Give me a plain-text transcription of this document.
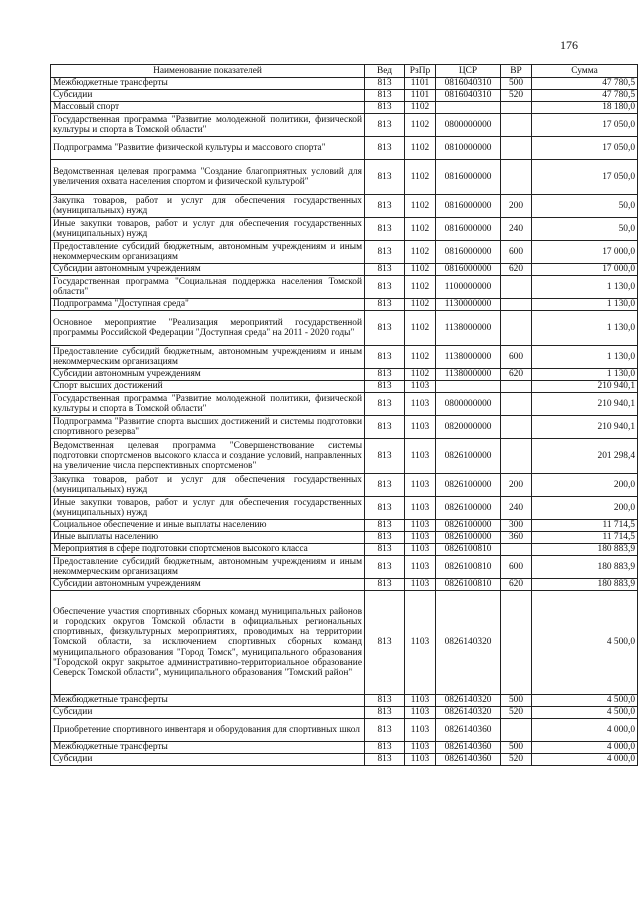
176
Наименование показателей	Вед	РзПр	ЦСР	ВР	Сумма
Межбюджетные трансферты	813	1101	0816040310	500	47 780,5
Субсидии	813	1101	0816040310	520	47 780,5
Массовый спорт	813	1102			18 180,0
Государственная программа "Развитие молодежной политики, физической культуры и спорта в Томской области"	813	1102	0800000000		17 050,0
Подпрограмма "Развитие физической культуры и массового спорта"	813	1102	0810000000		17 050,0
Ведомственная целевая программа "Создание благоприятных условий для увеличения охвата населения спортом и физической культурой"	813	1102	0816000000		17 050,0
Закупка товаров, работ и услуг для обеспечения государственных (муниципальных) нужд	813	1102	0816000000	200	50,0
Иные закупки товаров, работ и услуг для обеспечения государственных (муниципальных) нужд	813	1102	0816000000	240	50,0
Предоставление субсидий бюджетным, автономным учреждениям и иным некоммерческим организациям	813	1102	0816000000	600	17 000,0
Субсидии автономным учреждениям	813	1102	0816000000	620	17 000,0
Государственная программа "Социальная поддержка населения Томской области"	813	1102	1100000000		1 130,0
Подпрограмма "Доступная среда"	813	1102	1130000000		1 130,0
Основное мероприятие "Реализация мероприятий государственной программы Российской Федерации "Доступная среда" на 2011 - 2020 годы"	813	1102	1138000000		1 130,0
Предоставление субсидий бюджетным, автономным учреждениям и иным некоммерческим организациям	813	1102	1138000000	600	1 130,0
Субсидии автономным учреждениям	813	1102	1138000000	620	1 130,0
Спорт высших достижений	813	1103			210 940,1
Государственная программа "Развитие молодежной политики, физической культуры и спорта в Томской области"	813	1103	0800000000		210 940,1
Подпрограмма "Развитие спорта высших достижений и системы подготовки спортивного резерва"	813	1103	0820000000		210 940,1
Ведомственная целевая программа "Совершенствование системы подготовки спортсменов высокого класса и создание условий, направленных на увеличение числа перспективных спортсменов"	813	1103	0826100000		201 298,4
Закупка товаров, работ и услуг для обеспечения государственных (муниципальных) нужд	813	1103	0826100000	200	200,0
Иные закупки товаров, работ и услуг для обеспечения государственных (муниципальных) нужд	813	1103	0826100000	240	200,0
Социальное обеспечение и иные выплаты населению	813	1103	0826100000	300	11 714,5
Иные выплаты населению	813	1103	0826100000	360	11 714,5
Мероприятия в сфере подготовки спортсменов высокого класса	813	1103	0826100810		180 883,9
Предоставление субсидий бюджетным, автономным учреждениям и иным некоммерческим организациям	813	1103	0826100810	600	180 883,9
Субсидии автономным учреждениям	813	1103	0826100810	620	180 883,9
Обеспечение участия спортивных сборных команд муниципальных районов и городских округов Томской области в официальных региональных спортивных, физкультурных мероприятиях, проводимых на территории Томской области, за исключением спортивных сборных команд муниципального образования "Город Томск", муниципального образования "Городской округ закрытое административно-территориальное образование Северск Томской области", муниципального образования "Томский район"	813	1103	0826140320		4 500,0
Межбюджетные трансферты	813	1103	0826140320	500	4 500,0
Субсидии	813	1103	0826140320	520	4 500,0
Приобретение спортивного инвентаря и оборудования для спортивных школ	813	1103	0826140360		4 000,0
Межбюджетные трансферты	813	1103	0826140360	500	4 000,0
Субсидии	813	1103	0826140360	520	4 000,0
